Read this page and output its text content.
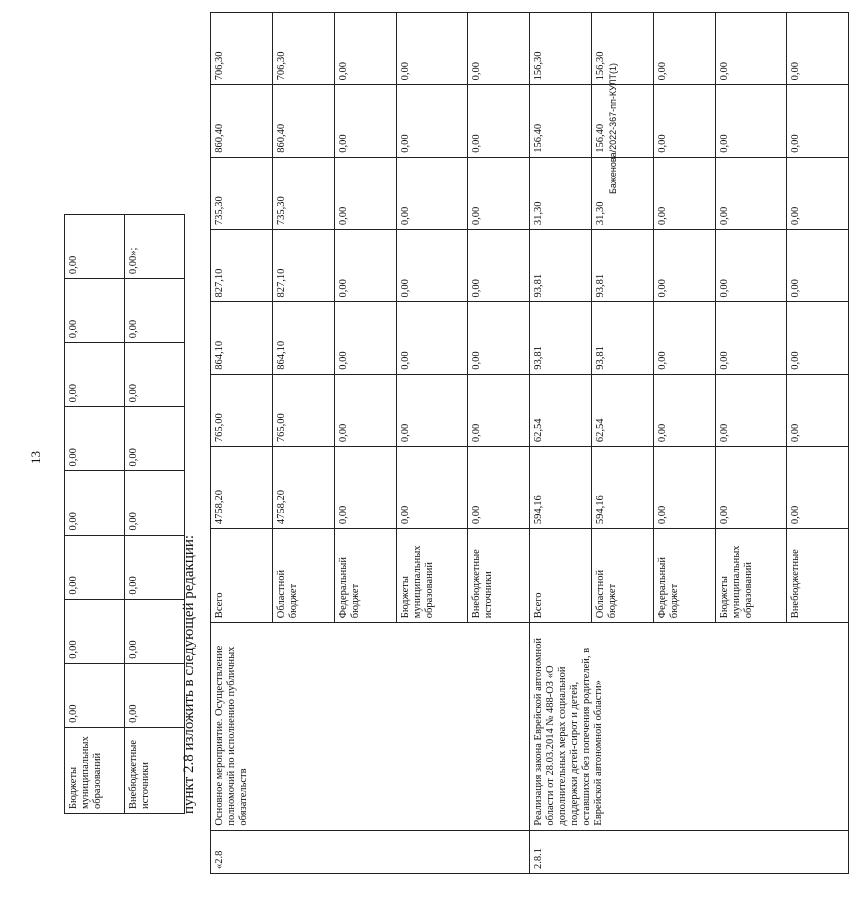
13
Бюджеты муниципальных образований	0,00	0,00	0,00	0,00	0,00	0,00	0,00	0,00
Внебюджетные источники	0,00	0,00	0,00	0,00	0,00	0,00	0,00	0,00»;
пункт 2.8 изложить в следующей редакции:
«2.8	Основное мероприятие. Осуществление полномочий по исполнению публичных обязательств	Всего	4758,20	765,00	864,10	827,10	735,30	860,40	706,30
		Областной бюджет	4758,20	765,00	864,10	827,10	735,30	860,40	706,30
		Федеральный бюджет	0,00	0,00	0,00	0,00	0,00	0,00	0,00
		Бюджеты муниципальных образований	0,00	0,00	0,00	0,00	0,00	0,00	0,00
		Внебюджетные источники	0,00	0,00	0,00	0,00	0,00	0,00	0,00
2.8.1	Реализация закона Еврейской автономной области от 28.03.2014 № 488-ОЗ «О дополнительных мерах социальной поддержки детей-сирот и детей, оставшихся без попечения родителей, в Еврейской автономной области»	Всего	594,16	62,54	93,81	93,81	31,30	156,40	156,30
		Областной бюджет	594,16	62,54	93,81	93,81	31,30	156,40	156,30
		Федеральный бюджет	0,00	0,00	0,00	0,00	0,00	0,00	0,00
		Бюджеты муниципальных образований	0,00	0,00	0,00	0,00	0,00	0,00	0,00
		Внебюджетные	0,00	0,00	0,00	0,00	0,00	0,00	0,00
Баженова/2022-367-пп-КУЛТ(1)
